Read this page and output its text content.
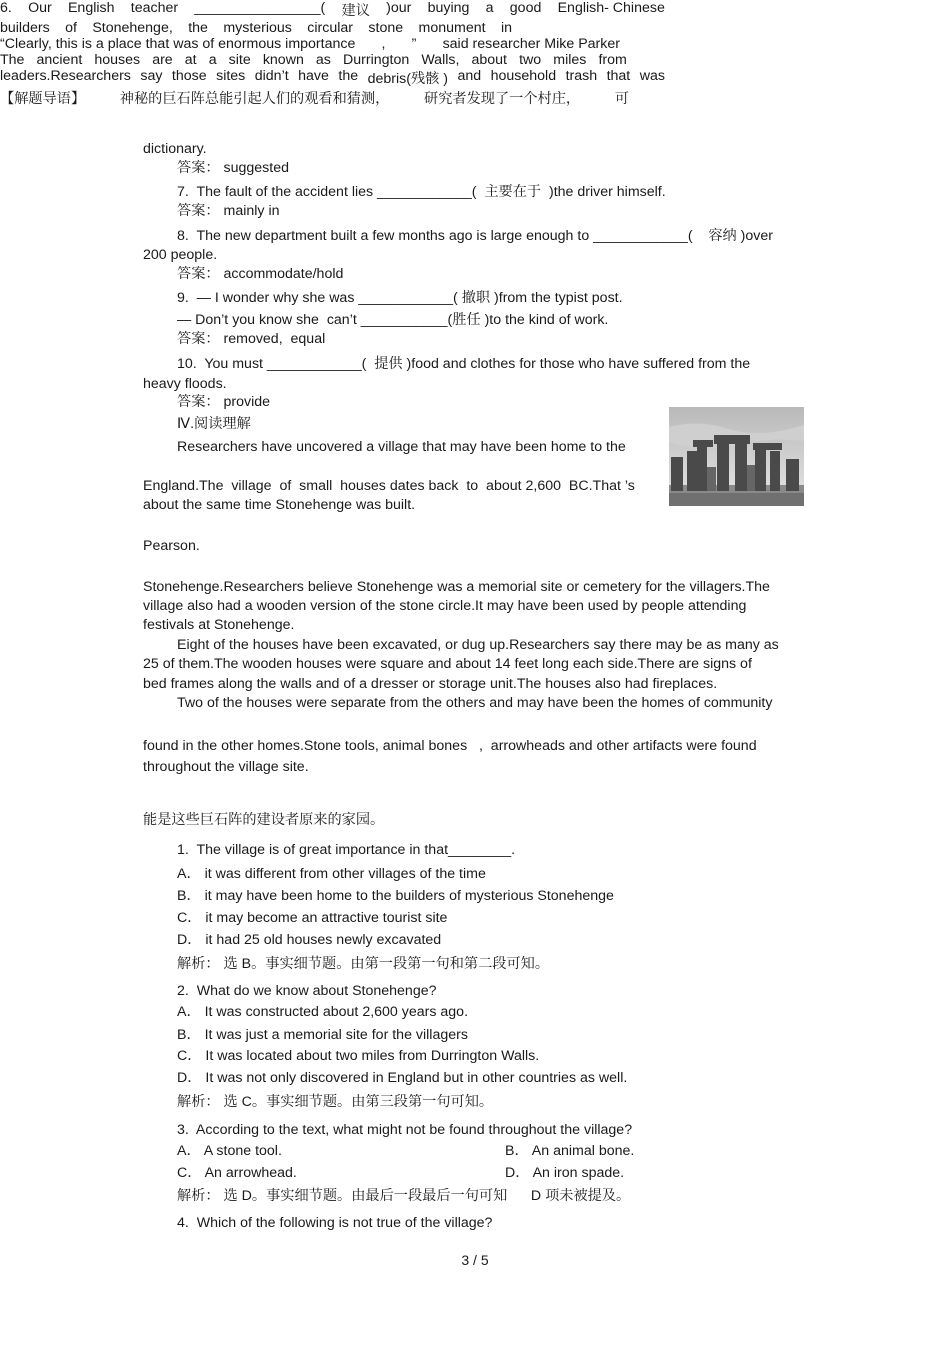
6. Our English teacher ________________( 建议 )our buying a good English- Chinese
dictionary.
答案： suggested
7.  The fault of the accident lies ____________(  主要在于  )the driver himself.
答案： mainly in
8.  The new department built a few months ago is large enough to ____________(    容纳 )over
200 people.
答案： accommodate/hold
9.  — I wonder why she was ____________( 撤职 )from the typist post.
— Don’t you know she  can’t ___________(胜任 )to the kind of work.
答案： removed,  equal
10.  You must ____________(  提供 )food and clothes for those who have suffered from the
heavy floods.
答案： provide
Ⅳ.阅读理解
Researchers have uncovered a village that may have been home to the
builders of Stonehenge, the mysterious circular stone monument in
England.The  village  of  small  houses dates back  to  about 2,600  BC.That ’s
about the same time Stonehenge was built.
“Clearly, this is a place that was of enormous importance , ” said researcher Mike Parker
Pearson.
The ancient houses are at a site known as Durrington Walls, about two miles from
Stonehenge.Researchers believe Stonehenge was a memorial site or cemetery for the villagers.The
village also had a wooden version of the stone circle.It may have been used by people attending
festivals at Stonehenge.
Eight of the houses have been excavated, or dug up.Researchers say there may be as many as
25 of them.The wooden houses were square and about 14 feet long each side.There are signs of
bed frames along the walls and of a dresser or storage unit.The houses also had fireplaces.
Two of the houses were separate from the others and may have been the homes of community
leaders.Researchers say those sites didn’t have the debris(残骸 ) and household trash that was
found in the other homes.Stone tools, animal bones   ,  arrowheads and other artifacts were found
throughout the village site.
【解题导语】 神秘的巨石阵总能引起人们的观看和猜测， 研究者发现了一个村庄， 可
能是这些巨石阵的建设者原来的家园。
1.  The village is of great importance in that________.
A． it was different from other villages of the time
B． it may have been home to the builders of mysterious Stonehenge
C． it may become an attractive tourist site
D． it had 25 old houses newly excavated
解析： 选 B。事实细节题。由第一段第一句和第二段可知。
2.  What do we know about Stonehenge?
A． It was constructed about 2,600 years ago.
B． It was just a memorial site for the villagers
C． It was located about two miles from Durrington Walls.
D． It was not only discovered in England but in other countries as well.
解析： 选 C。事实细节题。由第三段第一句可知。
3.  According to the text, what might not be found throughout the village?
A． A stone tool.	B． An animal bone.
C． An arrowhead.	D． An iron spade.
解析： 选 D。事实细节题。由最后一段最后一句可知      D 项未被提及。
4.  Which of the following is not true of the village?
3 / 5
